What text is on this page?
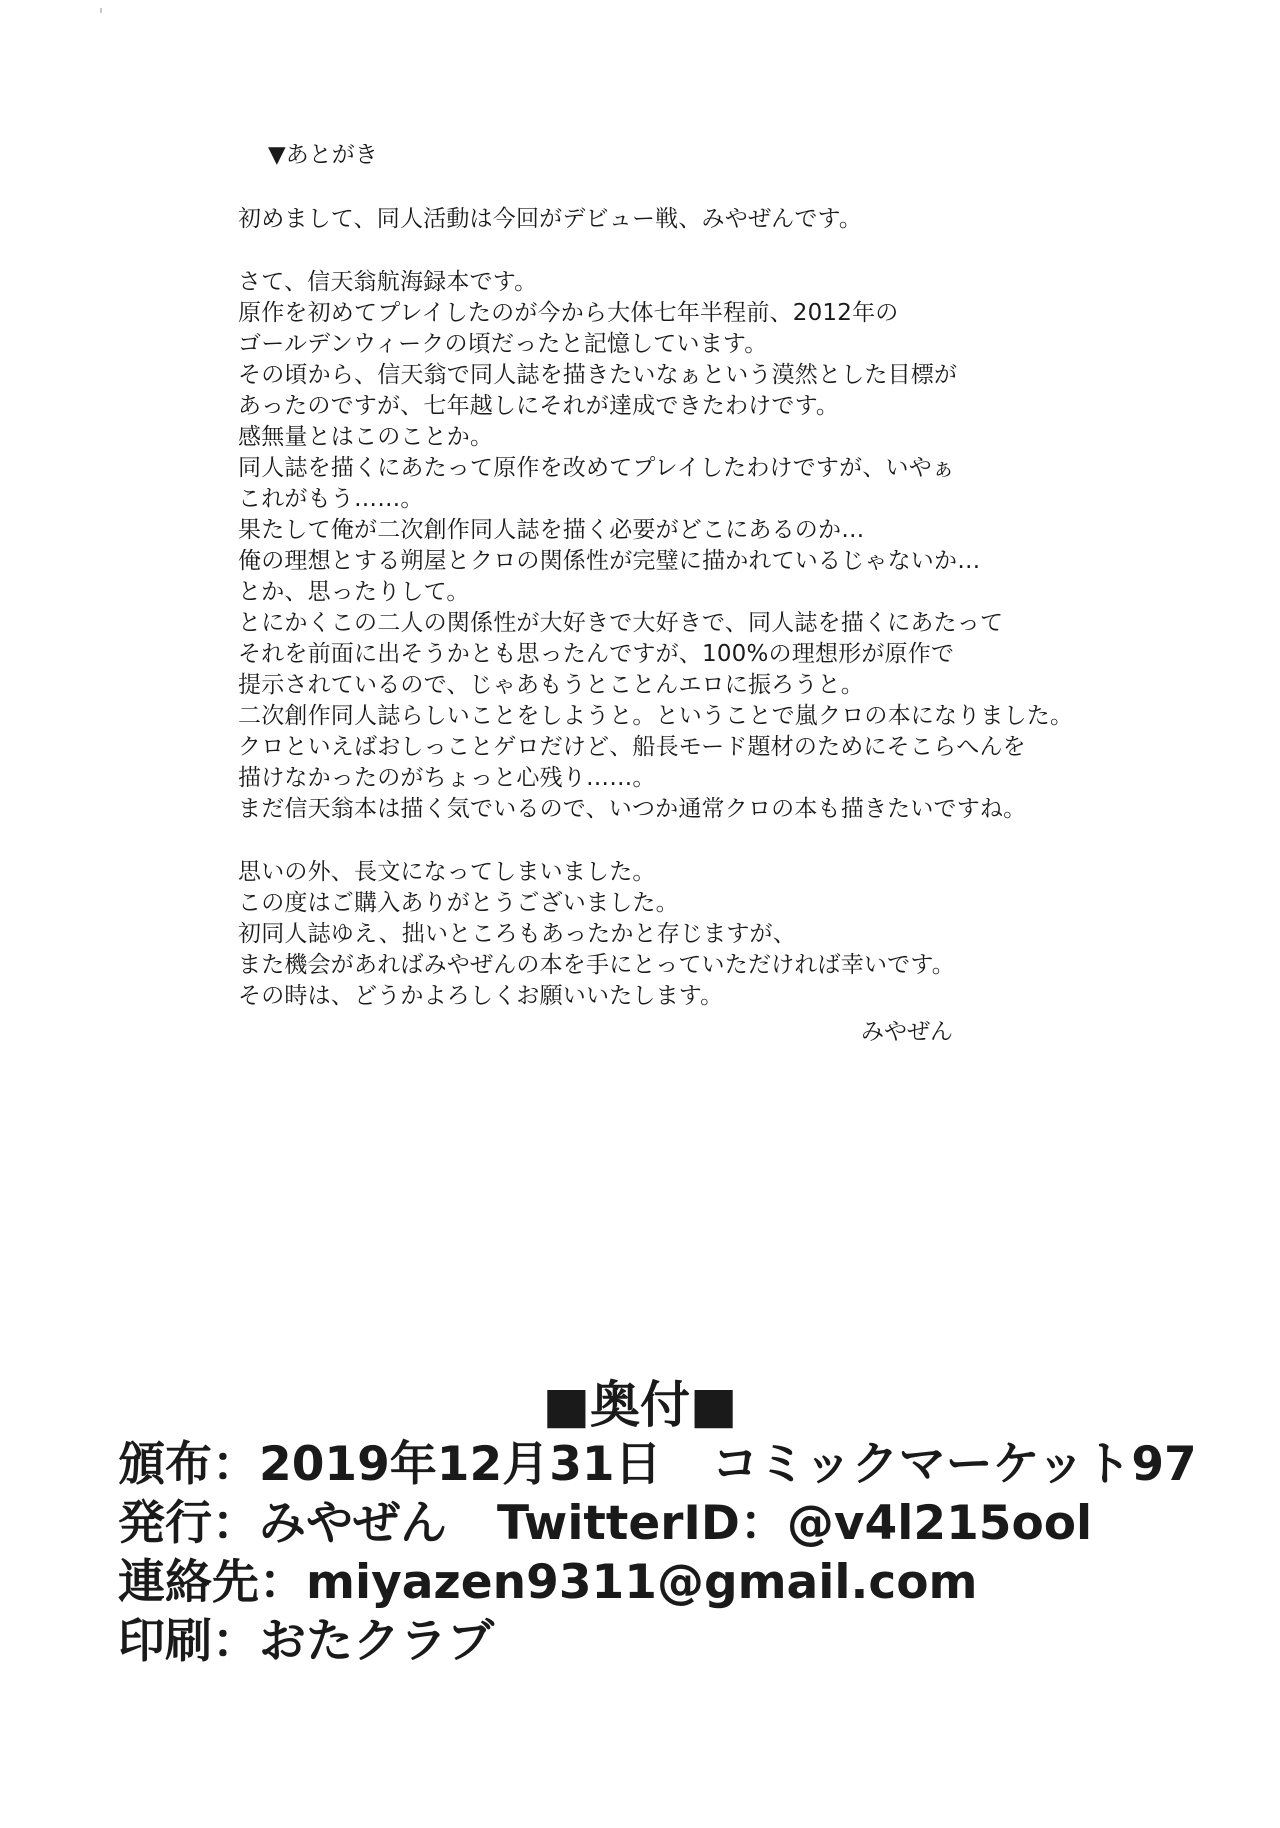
▼あとがき
初めまして、同人活動は今回がデビュー戦、みやぜんです。
さて、信天翁航海録本です。
原作を初めてプレイしたのが今から大体七年半程前、2012年の
ゴールデンウィークの頃だったと記憶しています。
その頃から、信天翁で同人誌を描きたいなぁという漠然とした目標が
あったのですが、七年越しにそれが達成できたわけです。
感無量とはこのことか。
同人誌を描くにあたって原作を改めてプレイしたわけですが、いやぁ
これがもう……。
果たして俺が二次創作同人誌を描く必要がどこにあるのか…
俺の理想とする朔屋とクロの関係性が完璧に描かれているじゃないか…
とか、思ったりして。
とにかくこの二人の関係性が大好きで大好きで、同人誌を描くにあたって
それを前面に出そうかとも思ったんですが、100%の理想形が原作で
提示されているので、じゃあもうとことんエロに振ろうと。
二次創作同人誌らしいことをしようと。ということで嵐クロの本になりました。
クロといえばおしっことゲロだけど、船長モード題材のためにそこらへんを
描けなかったのがちょっと心残り……。
まだ信天翁本は描く気でいるので、いつか通常クロの本も描きたいですね。
思いの外、長文になってしまいました。
この度はご購入ありがとうございました。
初同人誌ゆえ、拙いところもあったかと存じますが、
また機会があればみやぜんの本を手にとっていただければ幸いです。
その時は、どうかよろしくお願いいたします。
みやぜん
■奥付■
頒布：2019年12月31日 コミックマーケット97
発行：みやぜん TwitterID：@v4l215ool
連絡先：miyazen9311@gmail.com
印刷：おたクラブ
